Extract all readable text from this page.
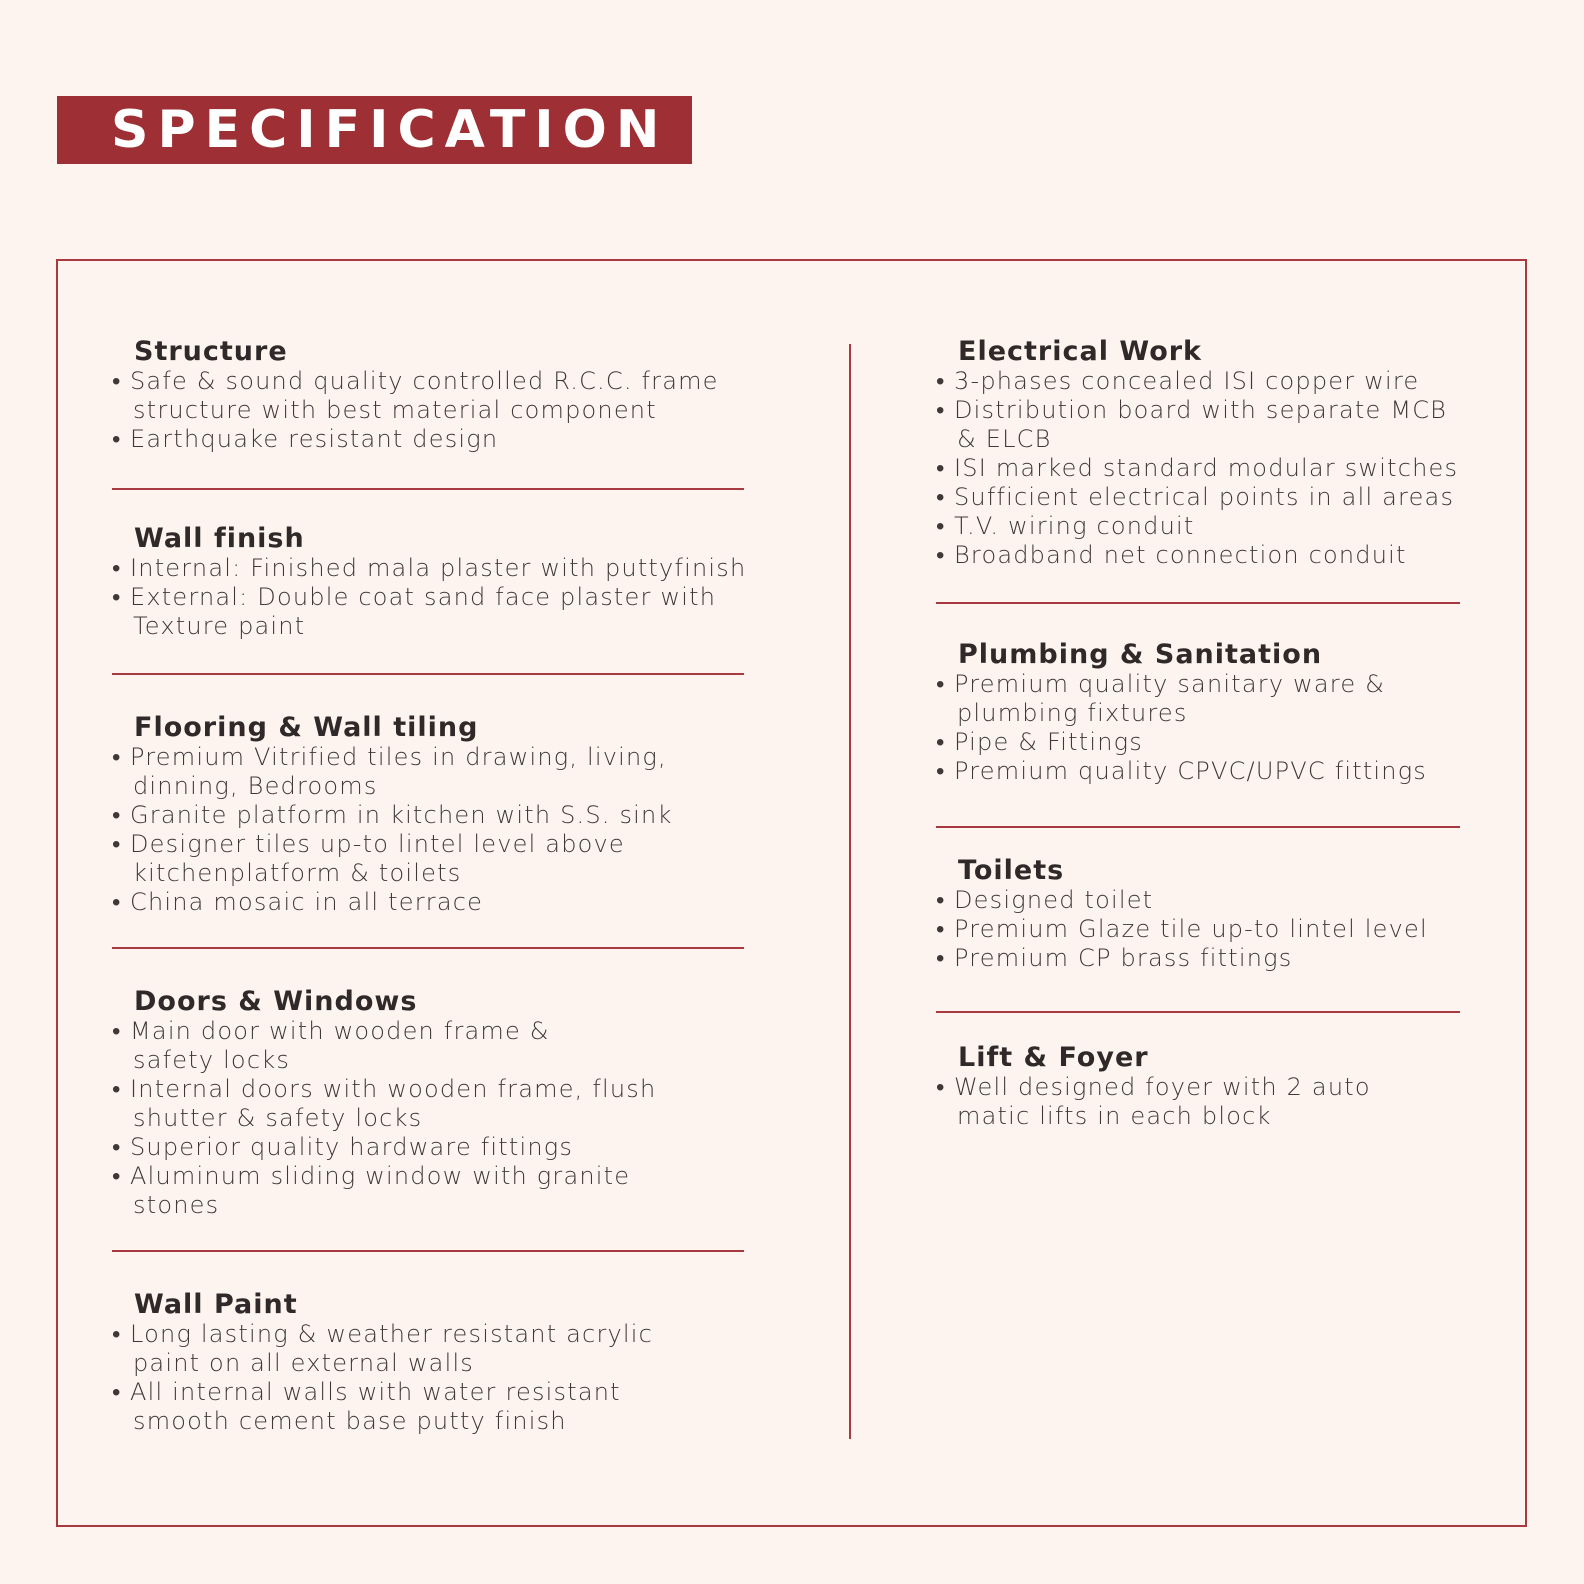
SPECIFICATION
Structure
• Safe & sound quality controlled R.C.C. frame
structure with best material component
• Earthquake resistant design
Wall finish
• Internal: Finished mala plaster with puttyfinish
• External: Double coat sand face plaster with
Texture paint
Flooring & Wall tiling
• Premium Vitrified tiles in drawing, living,
dinning, Bedrooms
• Granite platform in kitchen with S.S. sink
• Designer tiles up-to lintel level above
kitchenplatform & toilets
• China mosaic in all terrace
Doors & Windows
• Main door with wooden frame &
safety locks
• Internal doors with wooden frame, flush
shutter & safety locks
• Superior quality hardware fittings
• Aluminum sliding window with granite
stones
Wall Paint
• Long lasting & weather resistant acrylic
paint on all external walls
• All internal walls with water resistant
smooth cement base putty finish
Electrical Work
• 3-phases concealed ISI copper wire
• Distribution board with separate MCB
& ELCB
• ISI marked standard modular switches
• Sufficient electrical points in all areas
• T.V. wiring conduit
• Broadband net connection conduit
Plumbing & Sanitation
• Premium quality sanitary ware &
plumbing fixtures
• Pipe & Fittings
• Premium quality CPVC/UPVC fittings
Toilets
• Designed toilet
• Premium Glaze tile up-to lintel level
• Premium CP brass fittings
Lift & Foyer
• Well designed foyer with 2 auto
matic lifts in each block
